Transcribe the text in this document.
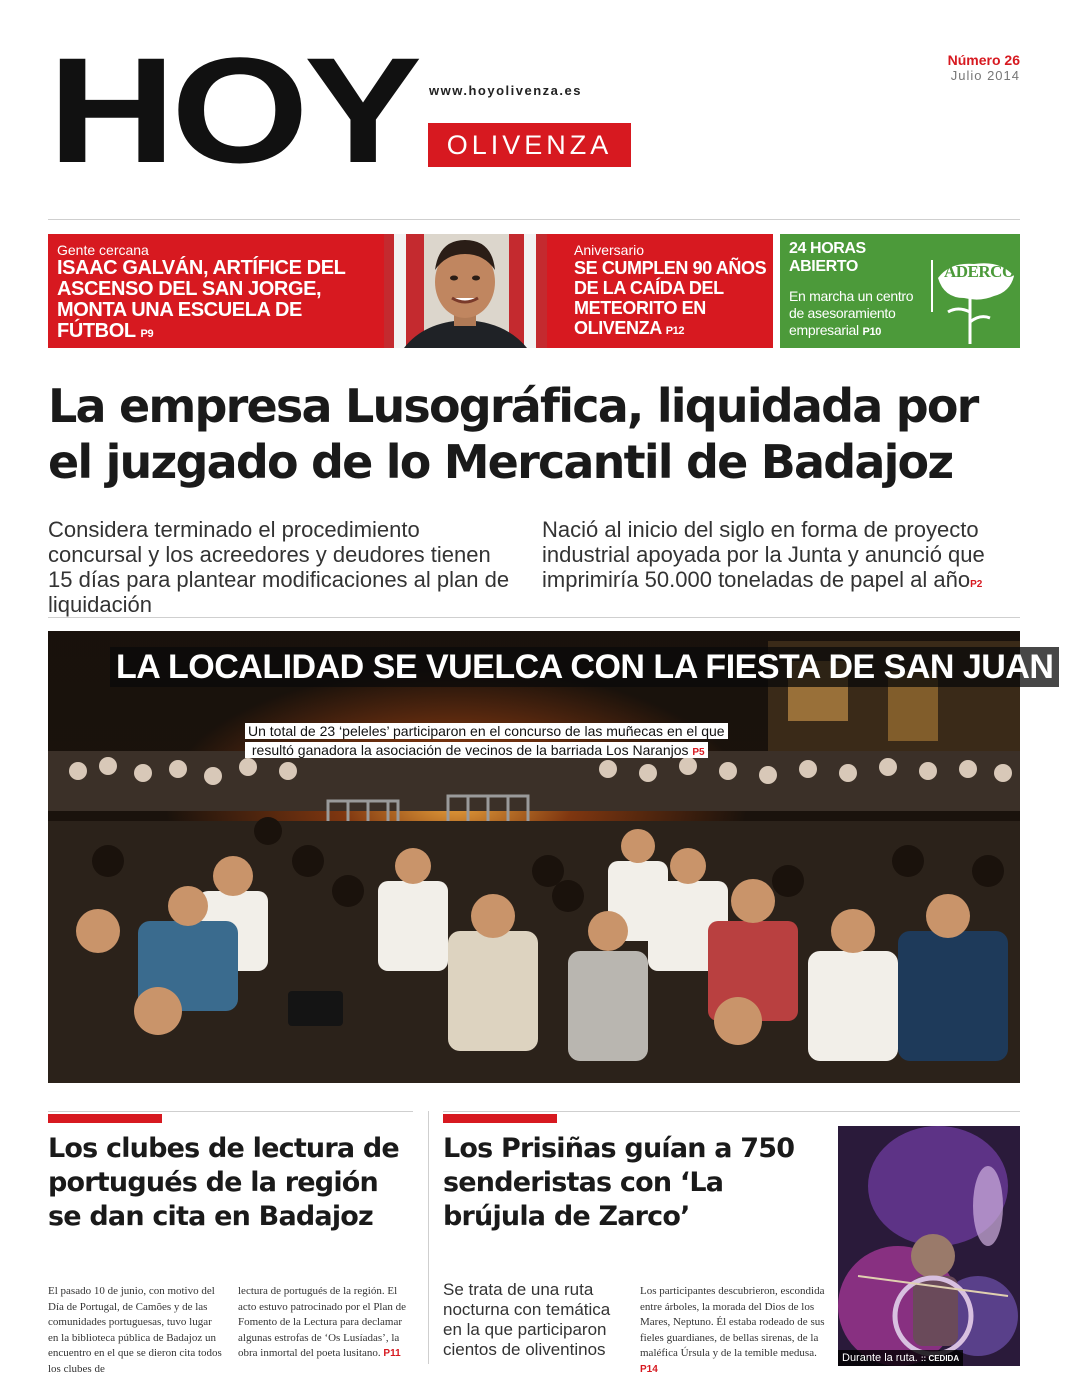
HOY www.hoyolivenza.es
OLIVENZA
Número 26
Julio 2014
Gente cercana
ISAAC GALVÁN, ARTÍFICE DEL ASCENSO DEL SAN JORGE, MONTA UNA ESCUELA DE FÚTBOL P9
Aniversario
SE CUMPLEN 90 AÑOS DE LA CAÍDA DEL METEORITO EN OLIVENZA P12
24 HORAS ABIERTO
En marcha un centro de asesoramiento empresarial P10
ADERCO
La empresa Lusográfica, liquidada por el juzgado de lo Mercantil de Badajoz
Considera terminado el procedimiento concursal y los acreedores y deudores tienen 15 días para plantear modificaciones al plan de liquidación
Nació al inicio del siglo en forma de proyecto industrial apoyada por la Junta y anunció que imprimiría 50.000 toneladas de papel al añoP2
LA LOCALIDAD SE VUELCA CON LA FIESTA DE SAN JUAN
Un total de 23 ‘peleles’ participaron en el concurso de las muñecas en el que
resultó ganadora la asociación de vecinos de la barriada Los Naranjos P5
Los clubes de lectura de portugués de la región se dan cita en Badajoz
El pasado 10 de junio, con motivo del Día de Portugal, de Camões y de las comunidades portuguesas, tuvo lugar en la biblioteca pública de Badajoz un encuentro en el que se dieron cita todos los clubes de
lectura de portugués de la región. El acto estuvo patrocinado por el Plan de Fomento de la Lectura para declamar algunas estrofas de ‘Os Lusíadas’, la obra inmortal del poeta lusitano. P11
Los Prisiñas guían a 750 senderistas con ‘La brújula de Zarco’
Se trata de una ruta nocturna con temática en la que participaron cientos de oliventinos
Los participantes descubrieron, escondida entre árboles, la morada del Dios de los Mares, Neptuno. Él estaba rodeado de sus fieles guardianes, de bellas sirenas, de la maléfica Úrsula y de la temible medusa. P14
Durante la ruta. :: CEDIDA
